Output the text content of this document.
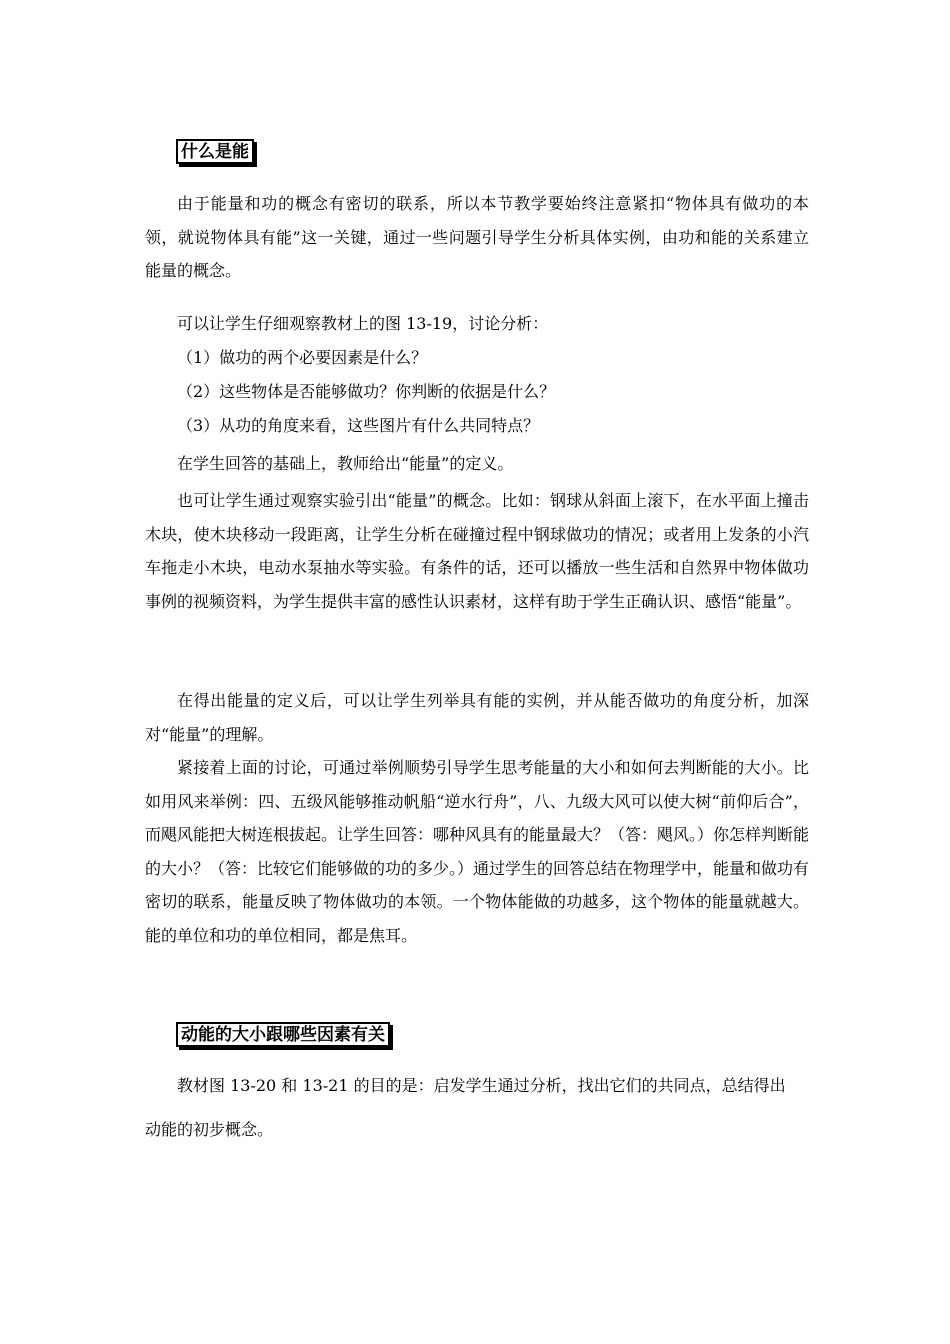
什么是能
由于能量和功的概念有密切的联系，所以本节教学要始终注意紧扣“物体具有做功的本领，就说物体具有能”这一关键，通过一些问题引导学生分析具体实例，由功和能的关系建立能量的概念。
可以让学生仔细观察教材上的图 13-19，讨论分析：
（1）做功的两个必要因素是什么？
（2）这些物体是否能够做功？你判断的依据是什么？
（3）从功的角度来看，这些图片有什么共同特点？
在学生回答的基础上，教师给出“能量”的定义。
也可让学生通过观察实验引出“能量”的概念。比如：钢球从斜面上滚下，在水平面上撞击木块，使木块移动一段距离，让学生分析在碰撞过程中钢球做功的情况；或者用上发条的小汽车拖走小木块，电动水泵抽水等实验。有条件的话，还可以播放一些生活和自然界中物体做功事例的视频资料，为学生提供丰富的感性认识素材，这样有助于学生正确认识、感悟“能量”。
在得出能量的定义后，可以让学生列举具有能的实例，并从能否做功的角度分析，加深对“能量”的理解。
紧接着上面的讨论，可通过举例顺势引导学生思考能量的大小和如何去判断能的大小。比如用风来举例：四、五级风能够推动帆船“逆水行舟”，八、九级大风可以使大树“前仰后合”，而飓风能把大树连根拔起。让学生回答：哪种风具有的能量最大？（答：飓风。）你怎样判断能的大小？（答：比较它们能够做的功的多少。）通过学生的回答总结在物理学中，能量和做功有密切的联系，能量反映了物体做功的本领。一个物体能做的功越多，这个物体的能量就越大。能的单位和功的单位相同，都是焦耳。
动能的大小跟哪些因素有关
教材图 13-20 和 13-21 的目的是：启发学生通过分析，找出它们的共同点，总结得出
动能的初步概念。
